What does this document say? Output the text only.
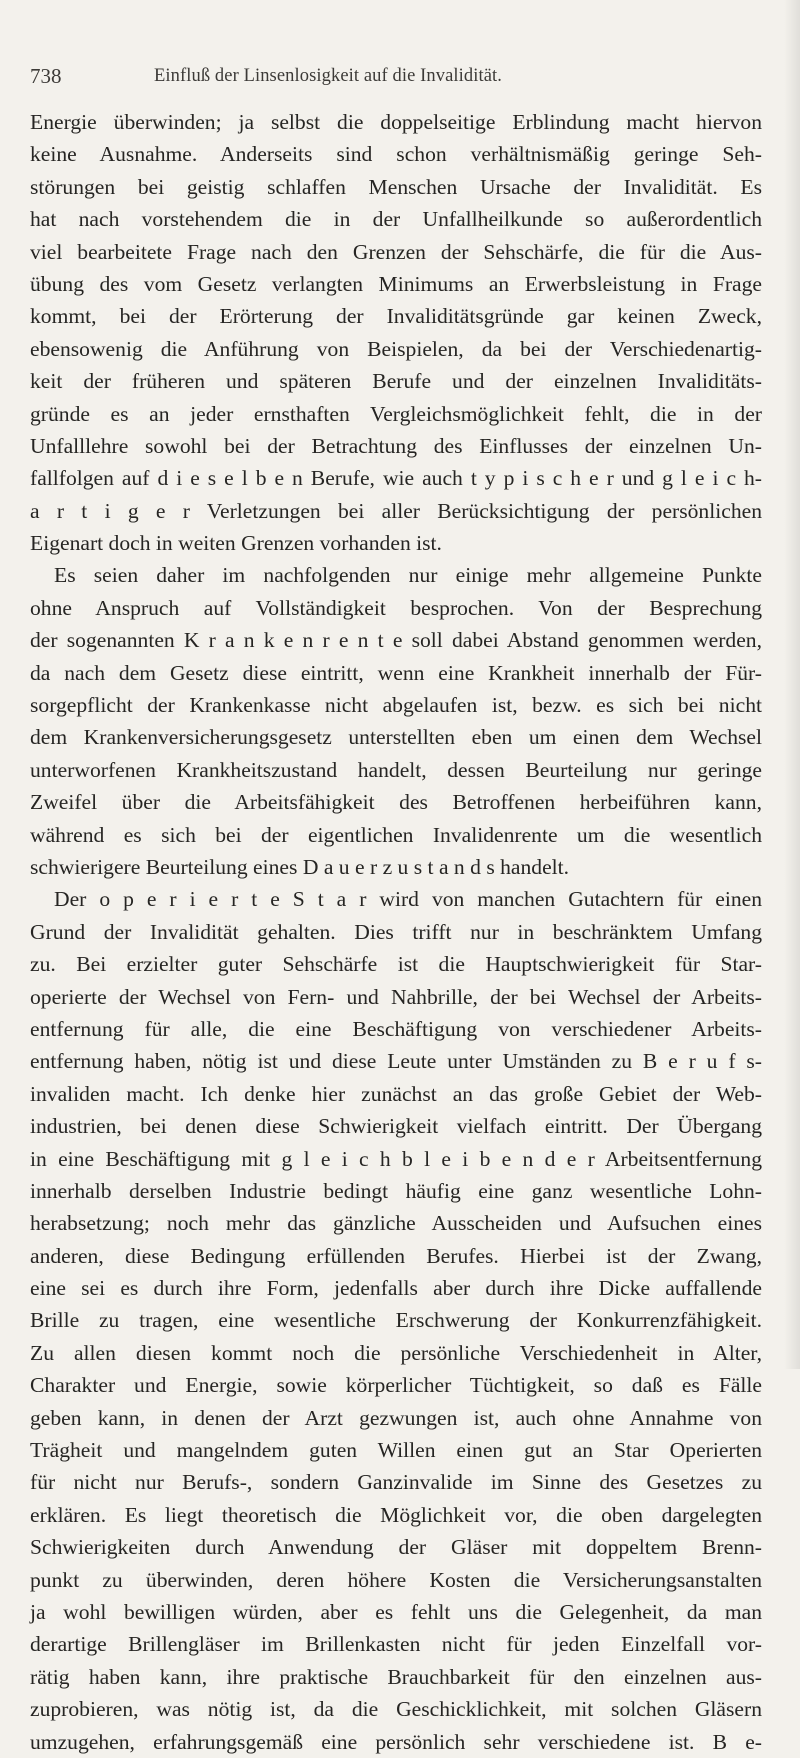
738	Einfluß der Linsenlosigkeit auf die Invalidität.
Energie überwinden; ja selbst die doppelseitige Erblindung macht hiervon
keine Ausnahme. Anderseits sind schon verhältnismäßig geringe Seh-
störungen bei geistig schlaffen Menschen Ursache der Invalidität. Es
hat nach vorstehendem die in der Unfallheilkunde so außerordentlich
viel bearbeitete Frage nach den Grenzen der Sehschärfe, die für die Aus-
übung des vom Gesetz verlangten Minimums an Erwerbsleistung in Frage
kommt, bei der Erörterung der Invaliditätsgründe gar keinen Zweck,
ebensowenig die Anführung von Beispielen, da bei der Verschiedenartig-
keit der früheren und späteren Berufe und der einzelnen Invaliditäts-
gründe es an jeder ernsthaften Vergleichsmöglichkeit fehlt, die in der
Unfalllehre sowohl bei der Betrachtung des Einflusses der einzelnen Un-
fallfolgen auf d i e s e l b e n Berufe, wie auch t y p i s c h e r und g l e i c h-
a r t i g e r Verletzungen bei aller Berücksichtigung der persönlichen
Eigenart doch in weiten Grenzen vorhanden ist.
Es seien daher im nachfolgenden nur einige mehr allgemeine Punkte
ohne Anspruch auf Vollständigkeit besprochen. Von der Besprechung
der sogenannten K r a n k e n r e n t e soll dabei Abstand genommen werden,
da nach dem Gesetz diese eintritt, wenn eine Krankheit innerhalb der Für-
sorgepflicht der Krankenkasse nicht abgelaufen ist, bezw. es sich bei nicht
dem Krankenversicherungsgesetz unterstellten eben um einen dem Wechsel
unterworfenen Krankheitszustand handelt, dessen Beurteilung nur geringe
Zweifel über die Arbeitsfähigkeit des Betroffenen herbeiführen kann,
während es sich bei der eigentlichen Invalidenrente um die wesentlich
schwierigere Beurteilung eines D a u e r z u s t a n d s handelt.
Der o p e r i e r t e S t a r wird von manchen Gutachtern für einen
Grund der Invalidität gehalten. Dies trifft nur in beschränktem Umfang
zu. Bei erzielter guter Sehschärfe ist die Hauptschwierigkeit für Star-
operierte der Wechsel von Fern- und Nahbrille, der bei Wechsel der Arbeits-
entfernung für alle, die eine Beschäftigung von verschiedener Arbeits-
entfernung haben, nötig ist und diese Leute unter Umständen zu B e r u f s-
invaliden macht. Ich denke hier zunächst an das große Gebiet der Web-
industrien, bei denen diese Schwierigkeit vielfach eintritt. Der Übergang
in eine Beschäftigung mit g l e i c h b l e i b e n d e r Arbeitsentfernung
innerhalb derselben Industrie bedingt häufig eine ganz wesentliche Lohn-
herabsetzung; noch mehr das gänzliche Ausscheiden und Aufsuchen eines
anderen, diese Bedingung erfüllenden Berufes. Hierbei ist der Zwang,
eine sei es durch ihre Form, jedenfalls aber durch ihre Dicke auffallende
Brille zu tragen, eine wesentliche Erschwerung der Konkurrenzfähigkeit.
Zu allen diesen kommt noch die persönliche Verschiedenheit in Alter,
Charakter und Energie, sowie körperlicher Tüchtigkeit, so daß es Fälle
geben kann, in denen der Arzt gezwungen ist, auch ohne Annahme von
Trägheit und mangelndem guten Willen einen gut an Star Operierten
für nicht nur Berufs-, sondern Ganzinvalide im Sinne des Gesetzes zu
erklären. Es liegt theoretisch die Möglichkeit vor, die oben dargelegten
Schwierigkeiten durch Anwendung der Gläser mit doppeltem Brenn-
punkt zu überwinden, deren höhere Kosten die Versicherungsanstalten
ja wohl bewilligen würden, aber es fehlt uns die Gelegenheit, da man
derartige Brillengläser im Brillenkasten nicht für jeden Einzelfall vor-
rätig haben kann, ihre praktische Brauchbarkeit für den einzelnen aus-
zuprobieren, was nötig ist, da die Geschicklichkeit, mit solchen Gläsern
umzugehen, erfahrungsgemäß eine persönlich sehr verschiedene ist. B e-
